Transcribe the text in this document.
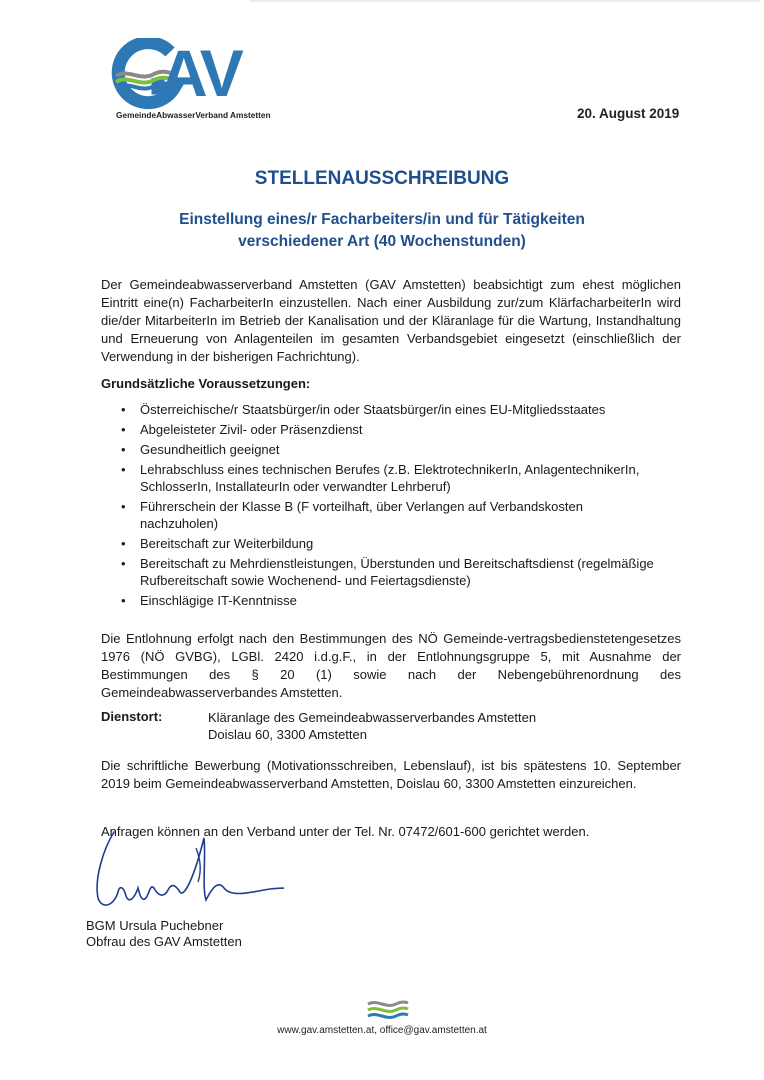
AV
GemeindeAbwasserVerband Amstetten	20. August 2019
STELLENAUSSCHREIBUNG
Einstellung eines/r Facharbeiters/in und für Tätigkeiten
verschiedener Art (40 Wochenstunden)

Der Gemeindeabwasserverband Amstetten (GAV Amstetten) beabsichtigt zum ehest möglichen Eintritt eine(n) FacharbeiterIn einzustellen. Nach einer Ausbildung zur/zum KlärfacharbeiterIn wird die/der MitarbeiterIn im Betrieb der Kanalisation und der Kläranlage für die Wartung, Instandhaltung und Erneuerung von Anlagenteilen im gesamten Verbandsgebiet eingesetzt (einschließlich der Verwendung in der bisherigen Fachrichtung).

Grundsätzliche Voraussetzungen:
• Österreichische/r Staatsbürger/in oder Staatsbürger/in eines EU-Mitgliedsstaates
• Abgeleisteter Zivil- oder Präsenzdienst
• Gesundheitlich geeignet
• Lehrabschluss eines technischen Berufes (z.B. ElektrotechnikerIn, AnlagentechnikerIn, SchlosserIn, InstallateurIn oder verwandter Lehrberuf)
• Führerschein der Klasse B (F vorteilhaft, über Verlangen auf Verbandskosten nachzuholen)
• Bereitschaft zur Weiterbildung
• Bereitschaft zu Mehrdienstleistungen, Überstunden und Bereitschaftsdienst (regelmäßige Rufbereitschaft sowie Wochenend- und Feiertagsdienste)
• Einschlägige IT-Kenntnisse

Die Entlohnung erfolgt nach den Bestimmungen des NÖ Gemeinde-vertragsbedienstetengesetzes 1976 (NÖ GVBG), LGBl. 2420 i.d.g.F., in der Entlohnungsgruppe 5, mit Ausnahme der Bestimmungen des § 20 (1) sowie nach der Nebengebührenordnung des Gemeindeabwasserverbandes Amstetten.

Dienstort:	Kläranlage des Gemeindeabwasserverbandes Amstetten
Doislau 60, 3300 Amstetten

Die schriftliche Bewerbung (Motivationsschreiben, Lebenslauf), ist bis spätestens 10. September 2019 beim Gemeindeabwasserverband Amstetten, Doislau 60, 3300 Amstetten einzureichen.

Anfragen können an den Verband unter der Tel. Nr. 07472/601-600 gerichtet werden.
BGM Ursula Puchebner
Obfrau des GAV Amstetten
www.gav.amstetten.at, office@gav.amstetten.at
